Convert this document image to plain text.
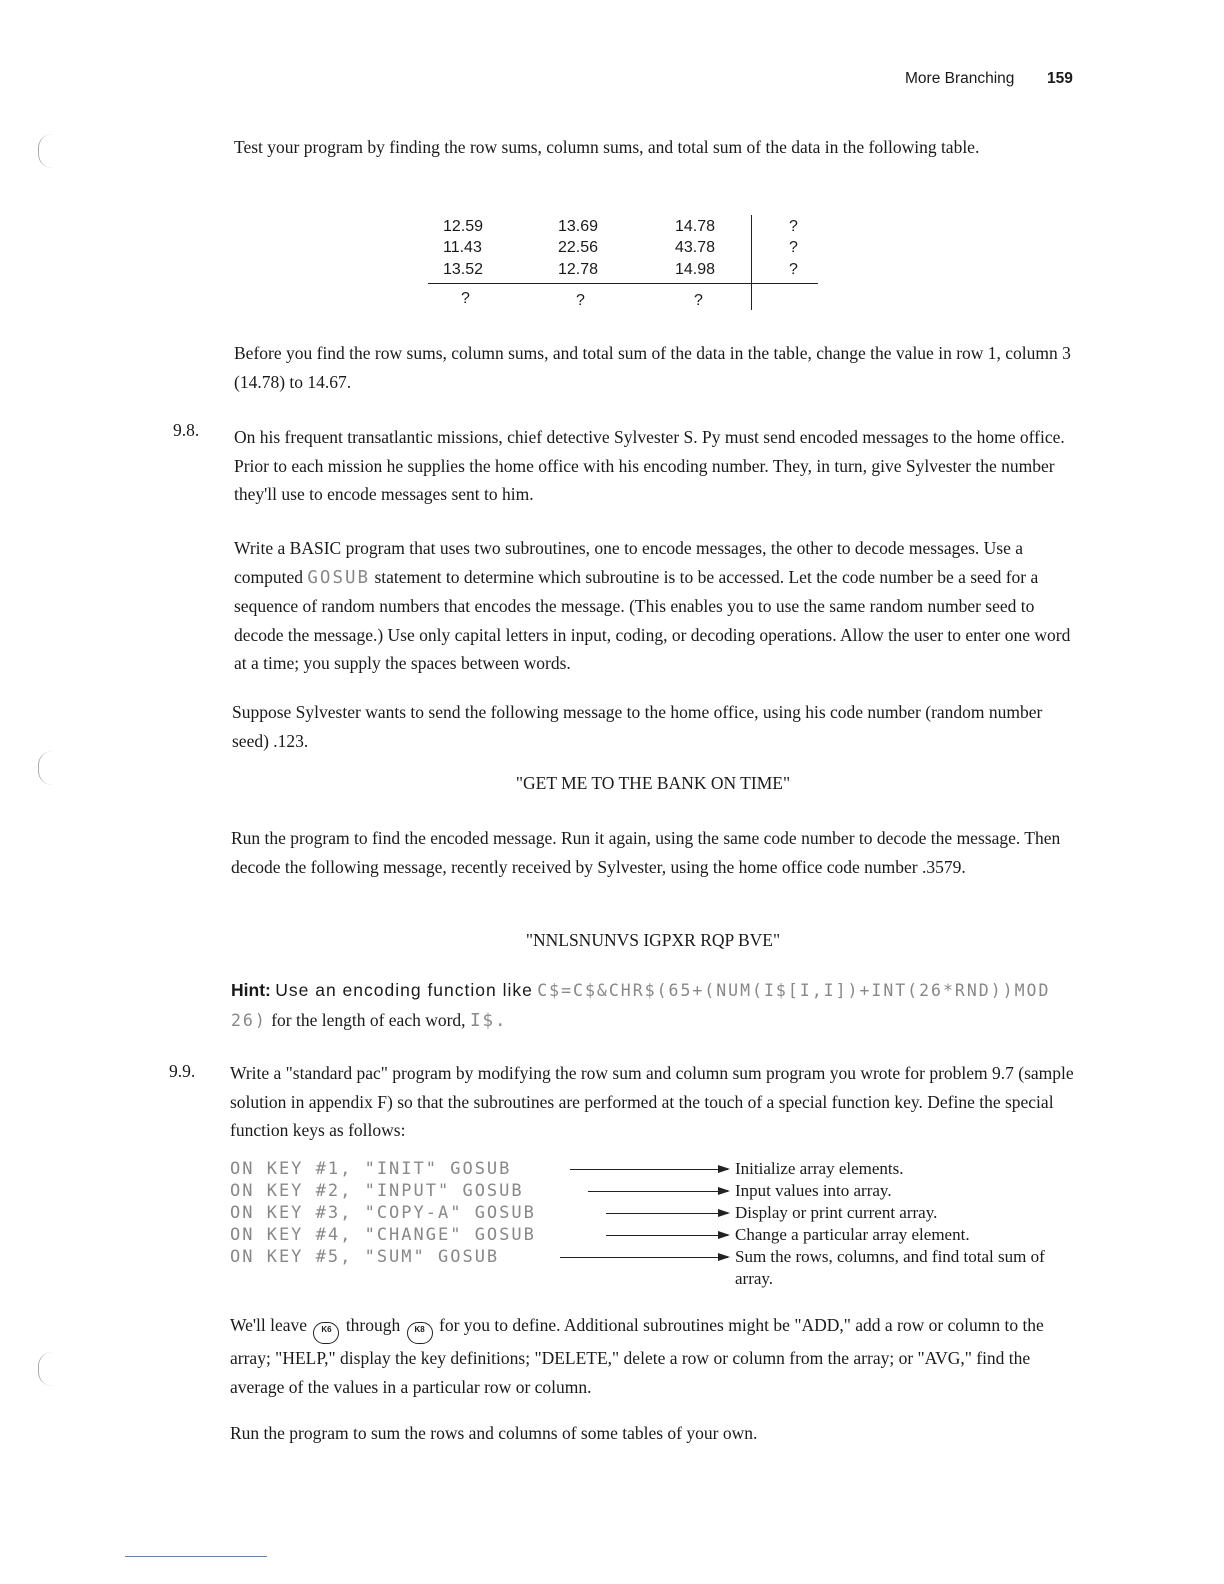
More Branching 159
Test your program by finding the row sums, column sums, and total sum of the data in the following table.
12.59	13.69	14.78	?
11.43	22.56	43.78	?
13.52	12.78	14.98	?
?	?	?
Before you find the row sums, column sums, and total sum of the data in the table, change the value in row 1, column 3 (14.78) to 14.67.
9.8. On his frequent transatlantic missions, chief detective Sylvester S. Py must send encoded messages to the home office. Prior to each mission he supplies the home office with his encoding number. They, in turn, give Sylvester the number they'll use to encode messages sent to him.
Write a BASIC program that uses two subroutines, one to encode messages, the other to decode messages. Use a computed GOSUB statement to determine which subroutine is to be accessed. Let the code number be a seed for a sequence of random numbers that encodes the message. (This enables you to use the same random number seed to decode the message.) Use only capital letters in input, coding, or decoding operations. Allow the user to enter one word at a time; you supply the spaces between words.
Suppose Sylvester wants to send the following message to the home office, using his code number (random number seed) .123.
"GET ME TO THE BANK ON TIME"
Run the program to find the encoded message. Run it again, using the same code number to decode the message. Then decode the following message, recently received by Sylvester, using the home office code number .3579.
"NNLSNUNVS IGPXR RQP BVE"
Hint: Use an encoding function like C$=C$&CHR$(65+(NUM(I$[I,I])+INT(26*RND))MOD 26) for the length of each word, I$.
9.9. Write a "standard pac" program by modifying the row sum and column sum program you wrote for problem 9.7 (sample solution in appendix F) so that the subroutines are performed at the touch of a special function key. Define the special function keys as follows:
ON KEY #1, "INIT" GOSUB	Initialize array elements.
ON KEY #2, "INPUT" GOSUB	Input values into array.
ON KEY #3, "COPY-A" GOSUB	Display or print current array.
ON KEY #4, "CHANGE" GOSUB	Change a particular array element.
ON KEY #5, "SUM" GOSUB	Sum the rows, columns, and find total sum of array.
We'll leave K6 through K8 for you to define. Additional subroutines might be "ADD," add a row or column to the array; "HELP," display the key definitions; "DELETE," delete a row or column from the array; or "AVG," find the average of the values in a particular row or column.
Run the program to sum the rows and columns of some tables of your own.
